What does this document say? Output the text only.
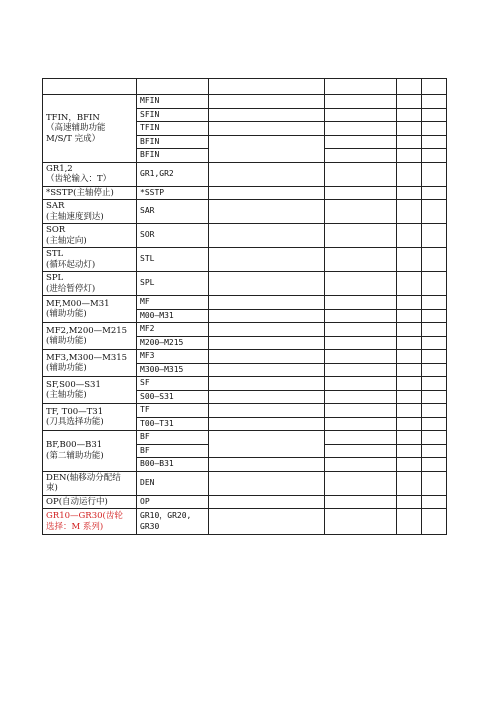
TFIN，BFIN
（高速辅助功能
M/S/T 完成）	MFIN				
	SFIN				
	TFIN				
	BFIN				
	BFIN				
GR1,2
（齿轮输入：T）	GR1,GR2				
*SSTP(主轴停止)	*SSTP				
SAR
(主轴速度到达)	SAR				
SOR
(主轴定向)	SOR				
STL
(循环起动灯)	STL				
SPL
(进给暂停灯)	SPL				
MF,M00—M31
(辅助功能)	MF				
	M00—M31				
MF2,M200—M215
(辅助功能)	MF2				
	M200—M215				
MF3,M300—M315
(辅助功能)	MF3				
	M300—M315				
SF,S00—S31
(主轴功能)	SF				
	S00—S31				
TF, T00—T31
(刀具选择功能)	TF				
	T00—T31				
BF,B00—B31
(第二辅助功能)	BF				
	BF				
	B00—B31				
DEN(轴移动分配结
束)	DEN				
OP(自动运行中)	OP				
GR10—GR30(齿轮
选择：M 系列)	GR10，GR20,
GR30				
